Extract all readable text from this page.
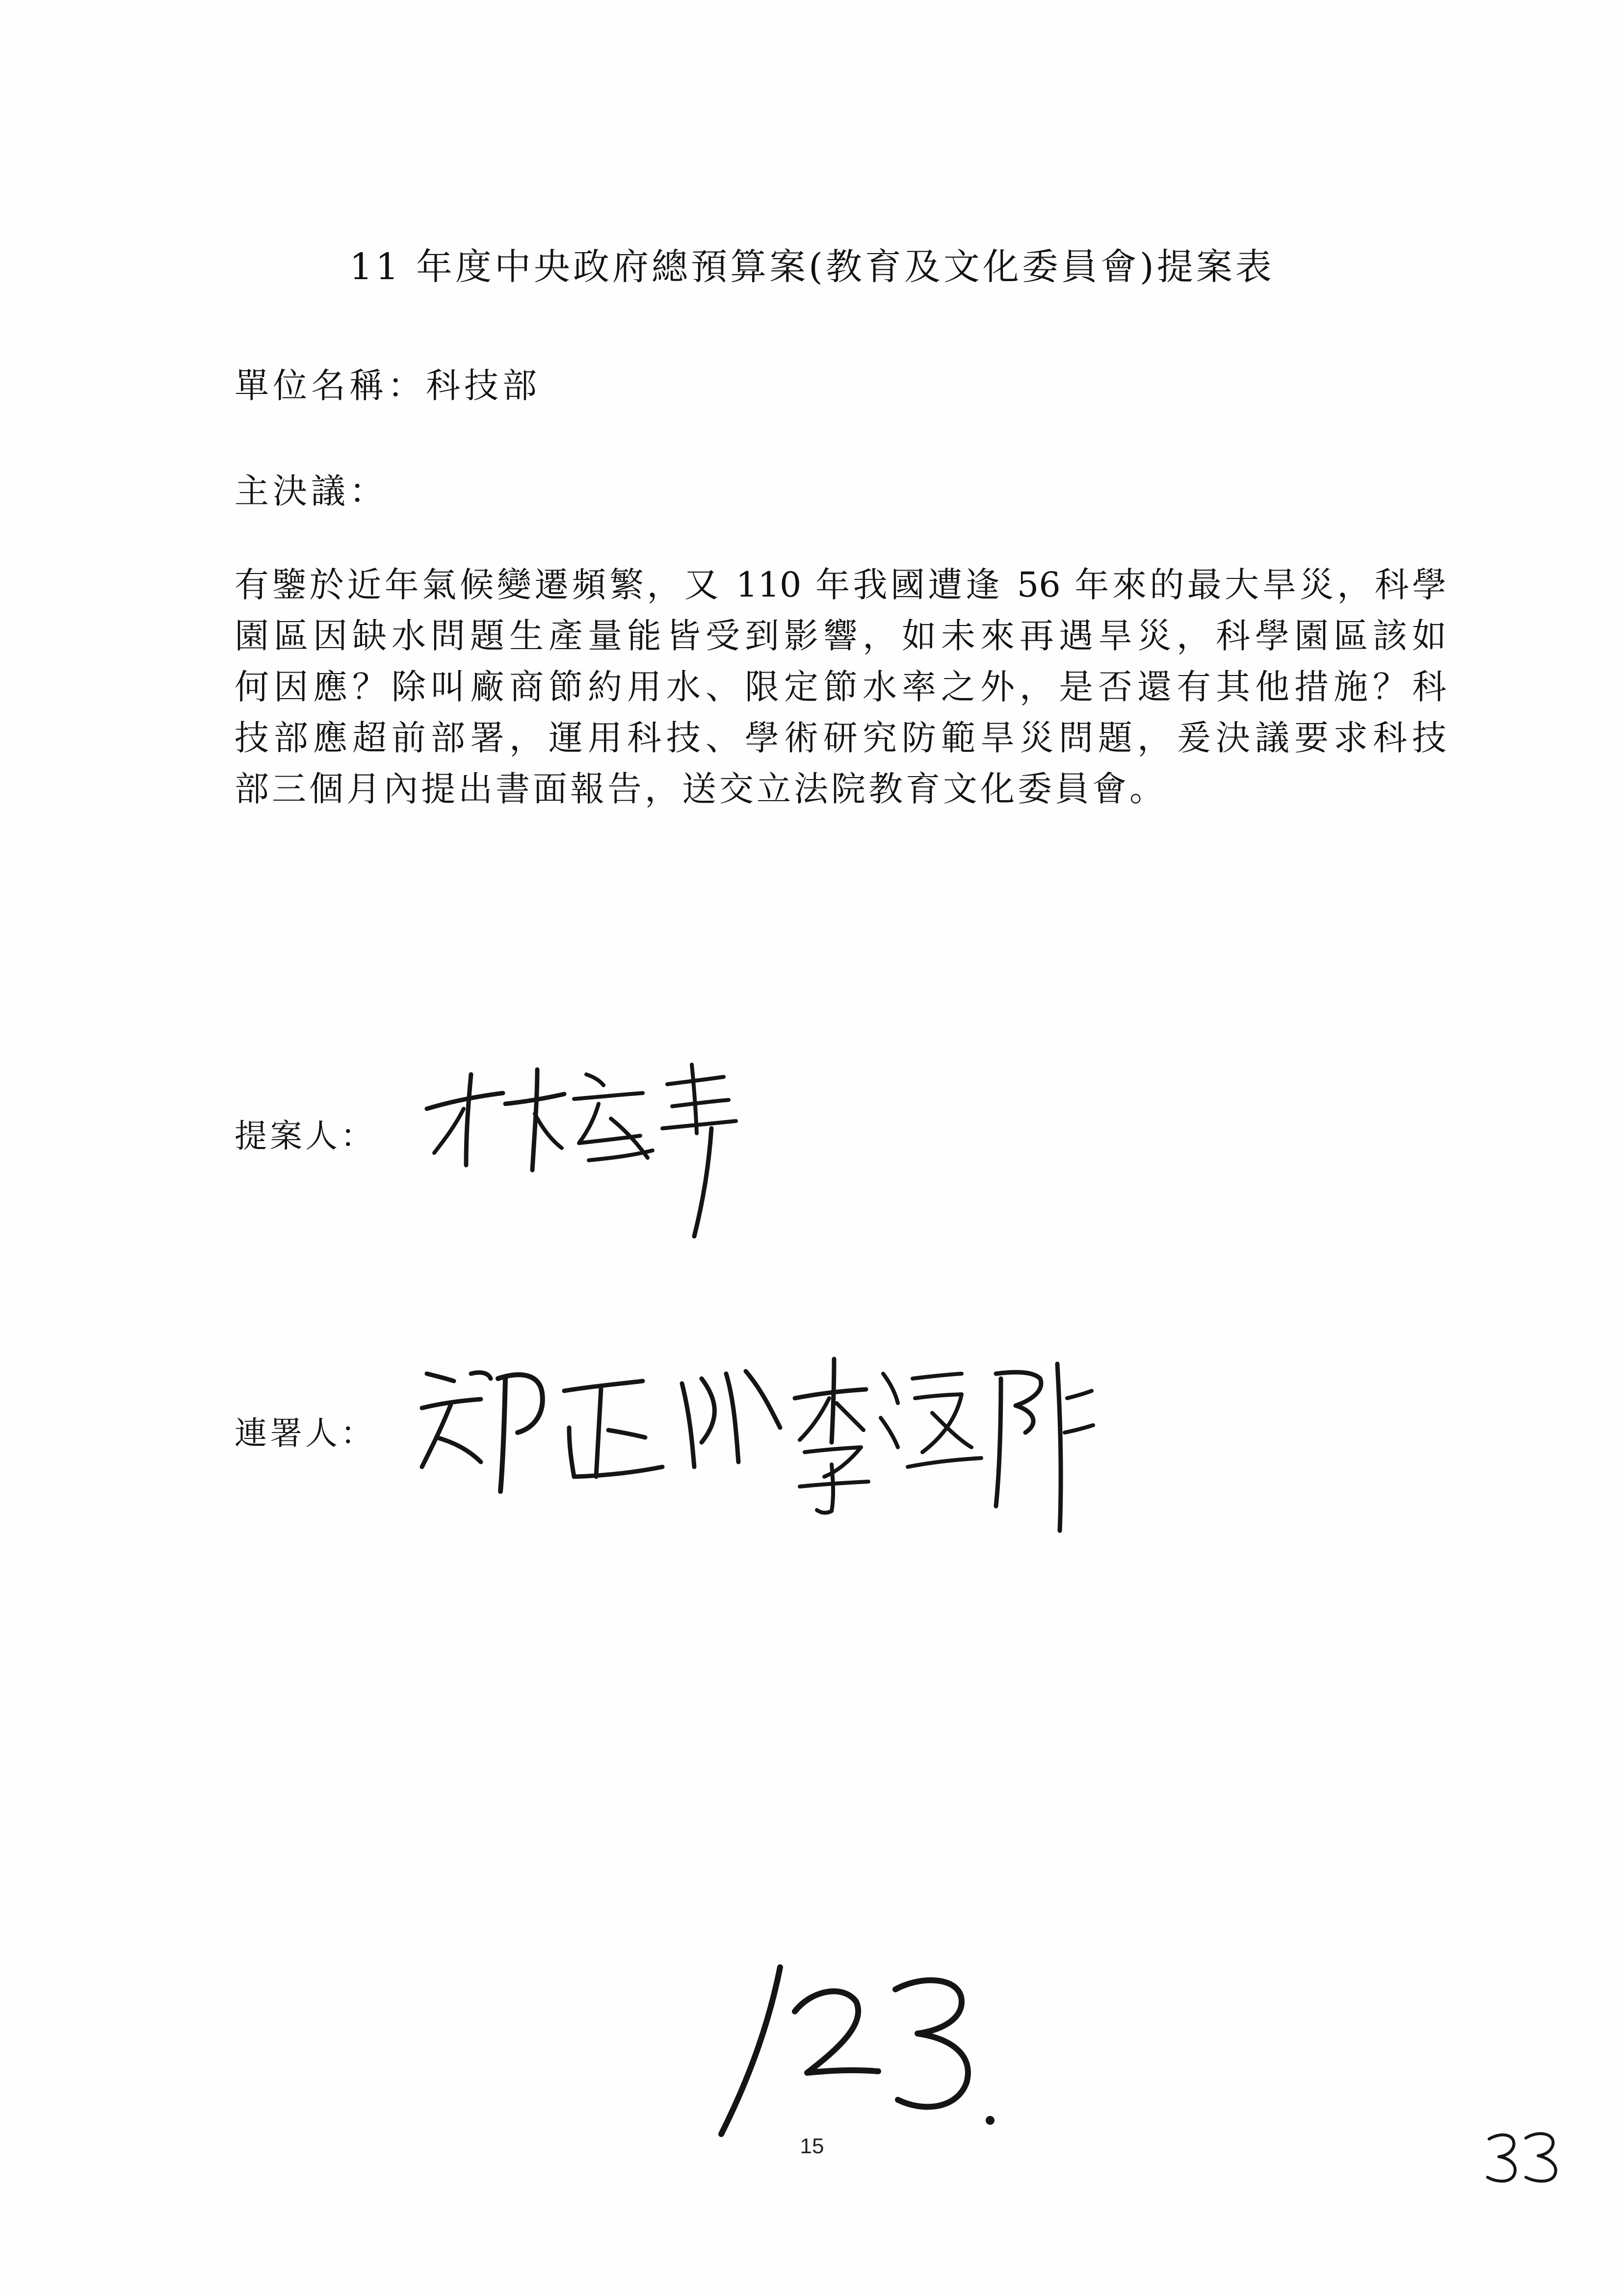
11 年度中央政府總預算案(教育及文化委員會)提案表
單位名稱：科技部
主決議：
有鑒於近年氣候變遷頻繁，又 110 年我國遭逢 56 年來的最大旱災，科學
園區因缺水問題生產量能皆受到影響，如未來再遇旱災，科學園區該如
何因應？除叫廠商節約用水、限定節水率之外，是否還有其他措施？科
技部應超前部署，運用科技、學術研究防範旱災問題，爰決議要求科技
部三個月內提出書面報告，送交立法院教育文化委員會。
提案人：
連署人：
15
